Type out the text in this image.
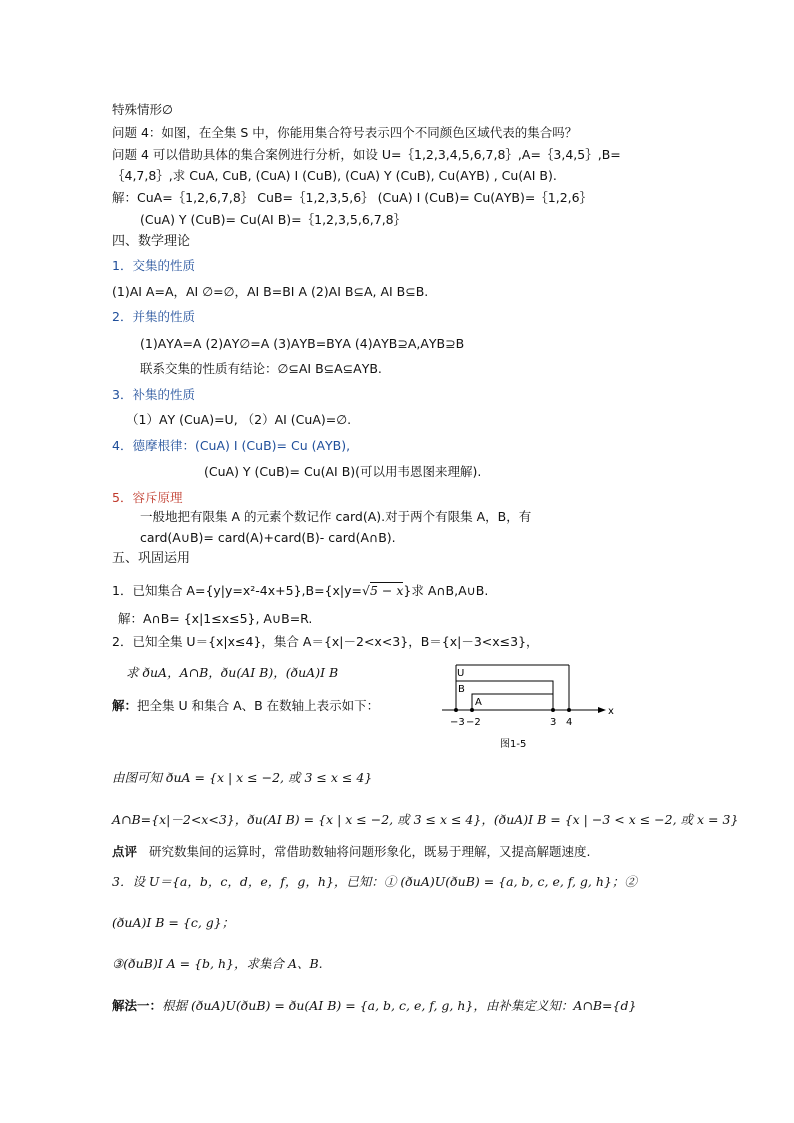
特殊情形∅
问题 4：如图，在全集 S 中，你能用集合符号表示四个不同颜色区域代表的集合吗？
问题 4 可以借助具体的集合案例进行分析，如设 U=｛1,2,3,4,5,6,7,8｝,A=｛3,4,5｝,B=
｛4,7,8｝,求 CuA, CuB, (CuA) Ι (CuB), (CuA) Υ (CuB), Cu(AΥB) , Cu(AΙ B).
解：CuA=｛1,2,6,7,8｝ CuB=｛1,2,3,5,6｝ (CuA) Ι (CuB)= Cu(AΥB)=｛1,2,6｝
(CuA) Υ (CuB)= Cu(AΙ B)=｛1,2,3,5,6,7,8｝
四、数学理论
1．交集的性质
(1)AΙ A=A，AΙ ∅=∅，AΙ B=BΙ A (2)AΙ B⊆A, AΙ B⊆B.
2．并集的性质
(1)AΥA=A (2)AΥ∅=A (3)AΥB=BΥA (4)AΥB⊇A,AΥB⊇B
联系交集的性质有结论：∅⊆AΙ B⊆A⊆AΥB.
3．补集的性质
（1）AΥ (CuA)=U, （2）AΙ (CuA)=∅.
4．德摩根律：(CuA) Ι (CuB)= Cu (AΥB),
(CuA) Υ (CuB)= Cu(AΙ B)(可以用韦恩图来理解).
5．容斥原理
一般地把有限集 A 的元素个数记作 card(A).对于两个有限集 A，B，有
card(A∪B)= card(A)+card(B)- card(A∩B).
五、巩固运用
1．已知集合 A={y|y=x²-4x+5},B={x|y=√5 − x}求 A∩B,A∪B.
解：A∩B= {x|1≤x≤5}, A∪B=R.
2．已知全集 U＝{x|x≤4}，集合 A＝{x|－2<x<3}，B＝{x|－3<x≤3}，
求 ð𝑢A，A∩B，ð𝑢(AΙ B)，(ð𝑢A)Ι B
解：把全集 U 和集合 A、B 在数轴上表示如下：
U
B
A
x
−3 −2	3 4
图1-5
由图可知 ð𝑢A = {x | x ≤ −2, 或 3 ≤ x ≤ 4}
A∩B={x|－2<x<3}，ð𝑢(AΙ B) = {x | x ≤ −2, 或 3 ≤ x ≤ 4}，(ð𝑢A)Ι B = {x | −3 < x ≤ −2, 或 x = 3}
点评 研究数集间的运算时，常借助数轴将问题形象化，既易于理解，又提高解题速度.
3．设 U＝{a，b，c，d，e，f，g，h}，已知：① (ð𝑢A)U(ð𝑢B) = {a, b, c, e, f, g, h}；②
(ð𝑢A)Ι B = {c, g}；
③(ð𝑢B)Ι A = {b, h}，求集合 A、B.
解法一：根据 (ð𝑢A)U(ð𝑢B) = ð𝑢(AΙ B) = {a, b, c, e, f, g, h}，由补集定义知：A∩B={d}
